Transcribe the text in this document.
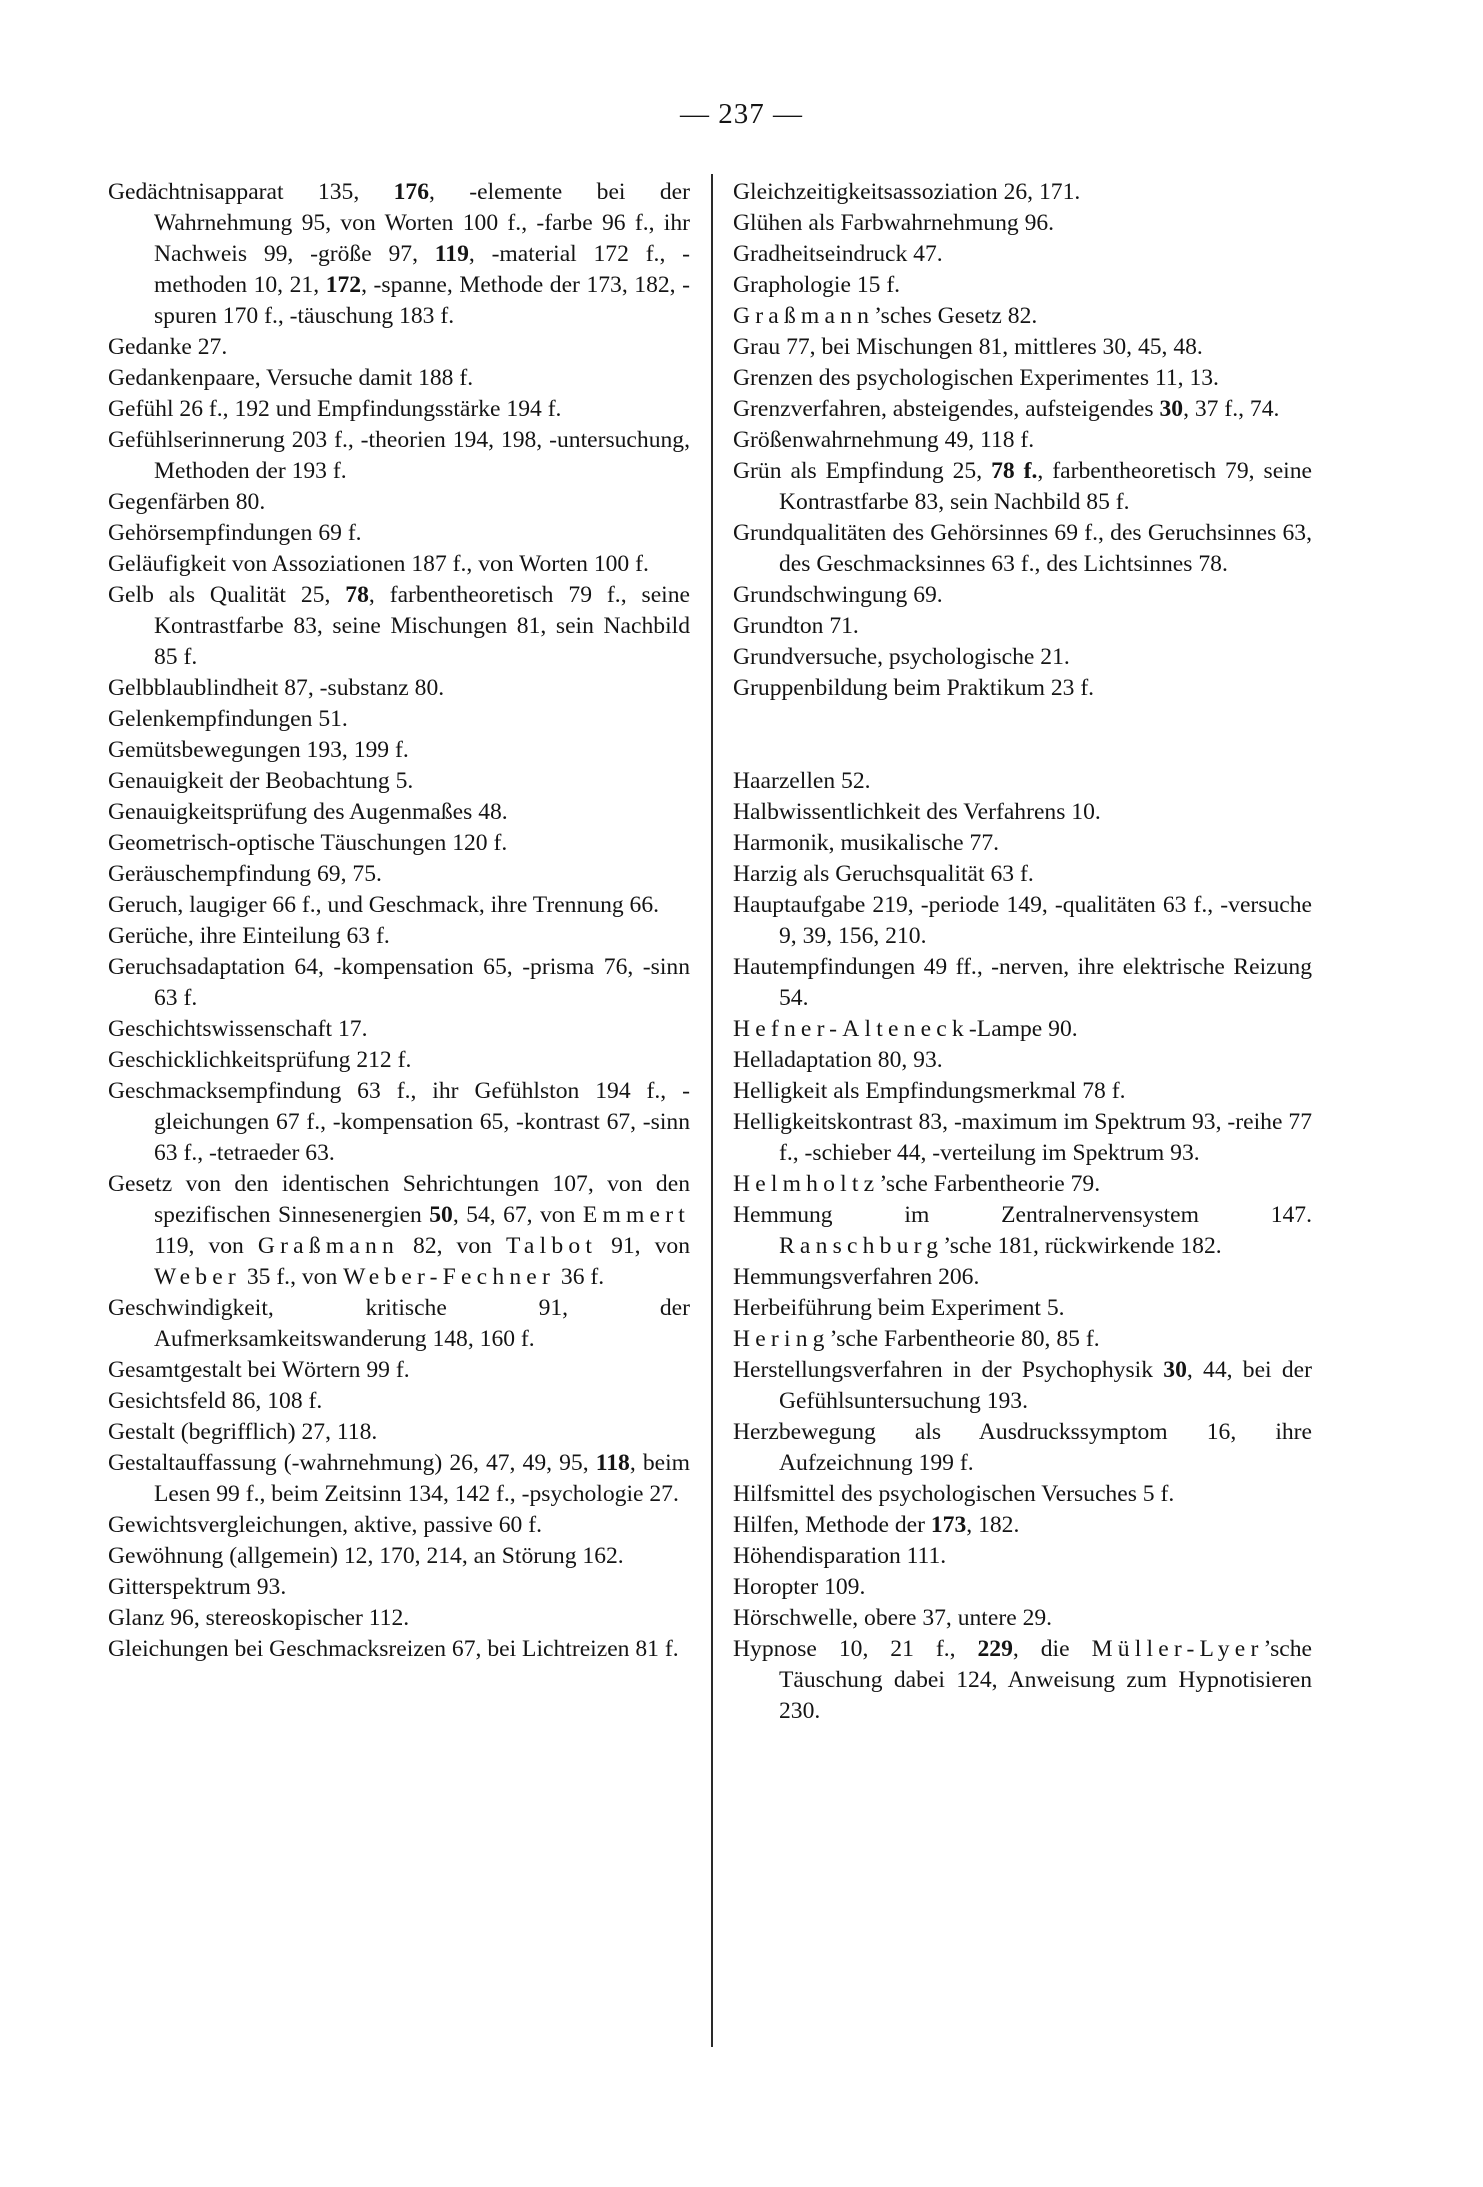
— 237 —

Gedächtnisapparat 135, 176, -elemente bei der Wahrnehmung 95, von Worten 100 f., -farbe 96 f., ihr Nachweis 99, -größe 97, 119, -material 172 f., -methoden 10, 21, 172, -spanne, Methode der 173, 182, -spuren 170 f., -täuschung 183 f.

Gedanke 27.

Gedankenpaare, Versuche damit 188 f.

Gefühl 26 f., 192 und Empfindungsstärke 194 f.

Gefühlserinnerung 203 f., -theorien 194, 198, -untersuchung, Methoden der 193 f.

Gegenfärben 80.

Gehörsempfindungen 69 f.

Geläufigkeit von Assoziationen 187 f., von Worten 100 f.

Gelb als Qualität 25, 78, farbentheoretisch 79 f., seine Kontrastfarbe 83, seine Mischungen 81, sein Nachbild 85 f.

Gelbblaublindheit 87, -substanz 80.

Gelenkempfindungen 51.

Gemütsbewegungen 193, 199 f.

Genauigkeit der Beobachtung 5.

Genauigkeitsprüfung des Augenmaßes 48.

Geometrisch-optische Täuschungen 120 f.

Geräuschempfindung 69, 75.

Geruch, laugiger 66 f., und Geschmack, ihre Trennung 66.

Gerüche, ihre Einteilung 63 f.

Geruchsadaptation 64, -kompensation 65, -prisma 76, -sinn 63 f.

Geschichtswissenschaft 17.

Geschicklichkeitsprüfung 212 f.

Geschmacksempfindung 63 f., ihr Gefühlston 194 f., -gleichungen 67 f., -kompensation 65, -kontrast 67, -sinn 63 f., -tetraeder 63.

Gesetz von den identischen Sehrichtungen 107, von den spezifischen Sinnesenergien 50, 54, 67, von Emmert 119, von Graßmann 82, von Talbot 91, von Weber 35 f., von Weber-Fechner 36 f.

Geschwindigkeit, kritische 91, der Aufmerksamkeitswanderung 148, 160 f.

Gesamtgestalt bei Wörtern 99 f.

Gesichtsfeld 86, 108 f.

Gestalt (begrifflich) 27, 118.

Gestaltauffassung (-wahrnehmung) 26, 47, 49, 95, 118, beim Lesen 99 f., beim Zeitsinn 134, 142 f., -psychologie 27.

Gewichtsvergleichungen, aktive, passive 60 f.

Gewöhnung (allgemein) 12, 170, 214, an Störung 162.

Gitterspektrum 93.

Glanz 96, stereoskopischer 112.

Gleichungen bei Geschmacksreizen 67, bei Lichtreizen 81 f.

Gleichzeitigkeitsassoziation 26, 171.

Glühen als Farbwahrnehmung 96.

Gradheitseindruck 47.

Graphologie 15 f.

Graßmann’sches Gesetz 82.

Grau 77, bei Mischungen 81, mittleres 30, 45, 48.

Grenzen des psychologischen Experimentes 11, 13.

Grenzverfahren, absteigendes, aufsteigendes 30, 37 f., 74.

Größenwahrnehmung 49, 118 f.

Grün als Empfindung 25, 78 f., farbentheoretisch 79, seine Kontrastfarbe 83, sein Nachbild 85 f.

Grundqualitäten des Gehörsinnes 69 f., des Geruchsinnes 63, des Geschmacksinnes 63 f., des Lichtsinnes 78.

Grundschwingung 69.

Grundton 71.

Grundversuche, psychologische 21.

Gruppenbildung beim Praktikum 23 f.

Haarzellen 52.

Halbwissentlichkeit des Verfahrens 10.

Harmonik, musikalische 77.

Harzig als Geruchsqualität 63 f.

Hauptaufgabe 219, -periode 149, -qualitäten 63 f., -versuche 9, 39, 156, 210.

Hautempfindungen 49 ff., -nerven, ihre elektrische Reizung 54.

Hefner-Alteneck-Lampe 90.

Helladaptation 80, 93.

Helligkeit als Empfindungsmerkmal 78 f.

Helligkeitskontrast 83, -maximum im Spektrum 93, -reihe 77 f., -schieber 44, -verteilung im Spektrum 93.

Helmholtz’sche Farbentheorie 79.

Hemmung im Zentralnervensystem 147. Ranschburg’sche 181, rückwirkende 182.

Hemmungsverfahren 206.

Herbeiführung beim Experiment 5.

Hering’sche Farbentheorie 80, 85 f.

Herstellungsverfahren in der Psychophysik 30, 44, bei der Gefühlsuntersuchung 193.

Herzbewegung als Ausdruckssymptom 16, ihre Aufzeichnung 199 f.

Hilfsmittel des psychologischen Versuches 5 f.

Hilfen, Methode der 173, 182.

Höhendisparation 111.

Horopter 109.

Hörschwelle, obere 37, untere 29.

Hypnose 10, 21 f., 229, die Müller-Lyer’sche Täuschung dabei 124, Anweisung zum Hypnotisieren 230.
